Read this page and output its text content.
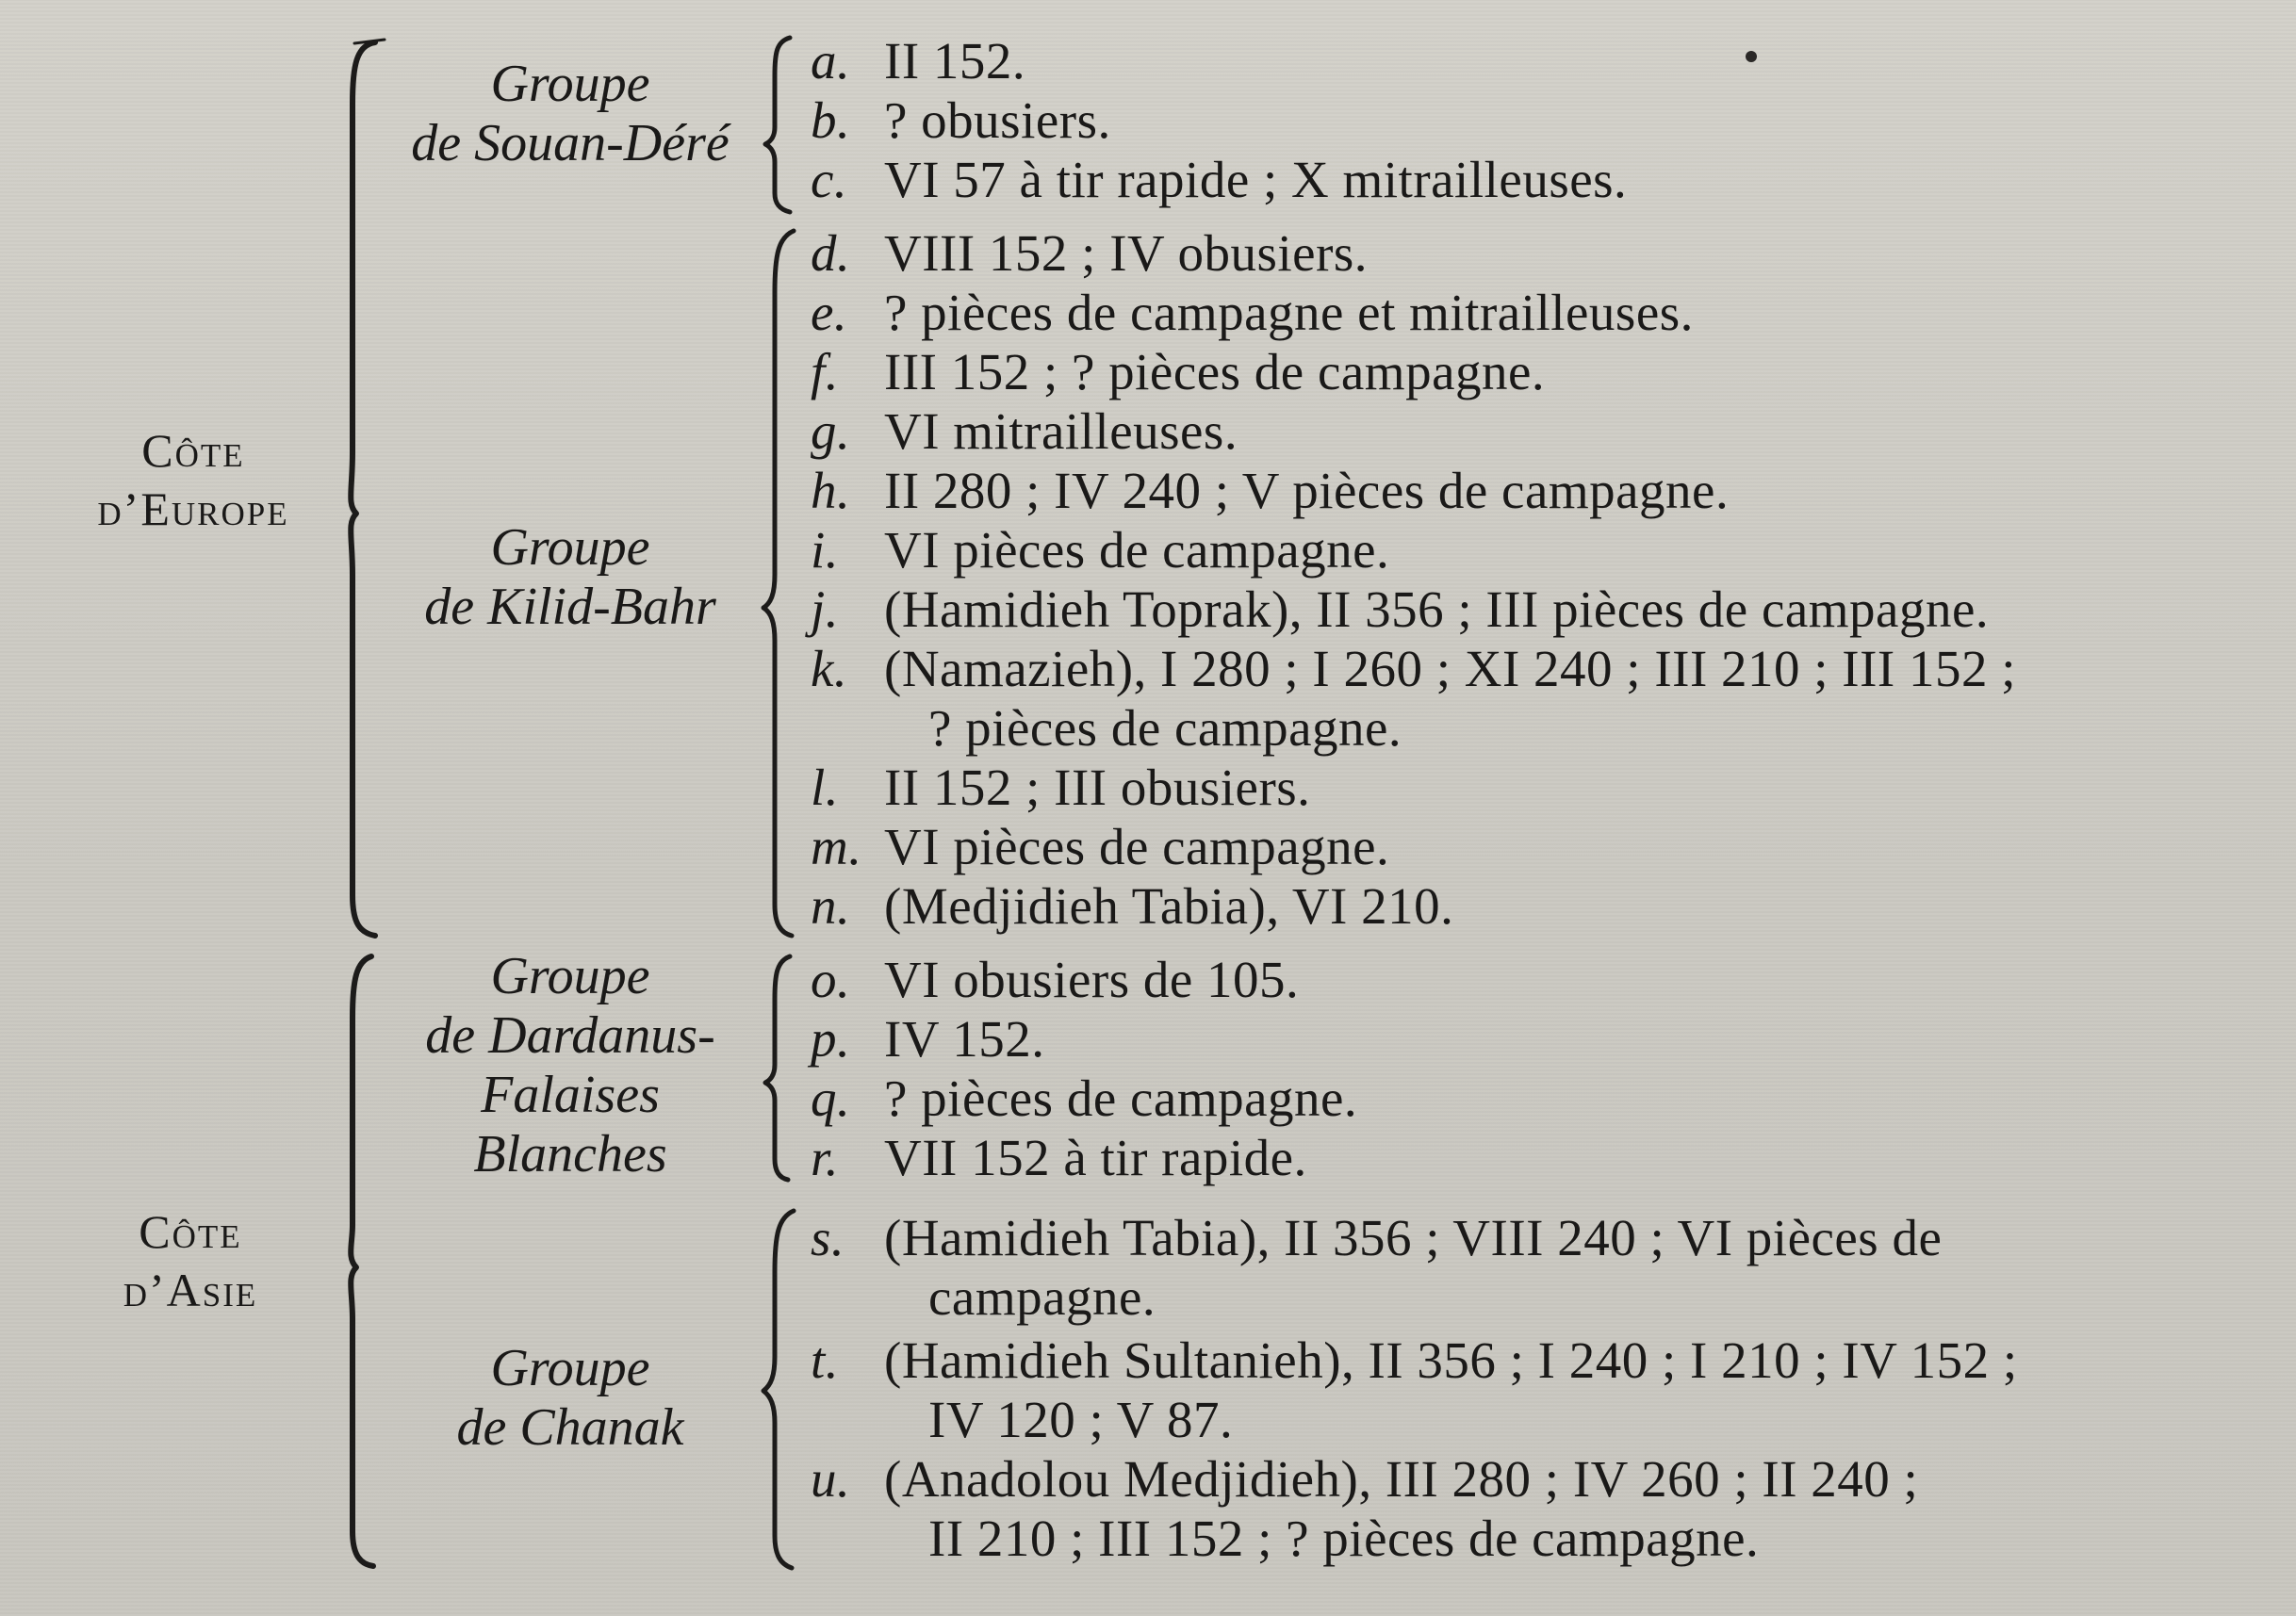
Côte
d’Europe
Côte
d’Asie
Groupe
de Souan-Déré
Groupe
de Kilid-Bahr
Groupe
de Dardanus-
Falaises
Blanches
Groupe
de Chanak
a. II 152.
b. ? obusiers.
c. VI 57 à tir rapide ; X mitrailleuses.
d. VIII 152 ; IV obusiers.
e. ? pièces de campagne et mitrailleuses.
f. III 152 ; ? pièces de campagne.
g. VI mitrailleuses.
h. II 280 ; IV 240 ; V pièces de campagne.
i. VI pièces de campagne.
j. (Hamidieh Toprak), II 356 ; III pièces de campagne.
k. (Namazieh), I 280 ; I 260 ; XI 240 ; III 210 ; III 152 ;
? pièces de campagne.
l. II 152 ; III obusiers.
m. VI pièces de campagne.
n. (Medjidieh Tabia), VI 210.
o. VI obusiers de 105.
p. IV 152.
q. ? pièces de campagne.
r. VII 152 à tir rapide.
s. (Hamidieh Tabia), II 356 ; VIII 240 ; VI pièces de
campagne.
t. (Hamidieh Sultanieh), II 356 ; I 240 ; I 210 ; IV 152 ;
IV 120 ; V 87.
u. (Anadolou Medjidieh), III 280 ; IV 260 ; II 240 ;
II 210 ; III 152 ; ? pièces de campagne.
